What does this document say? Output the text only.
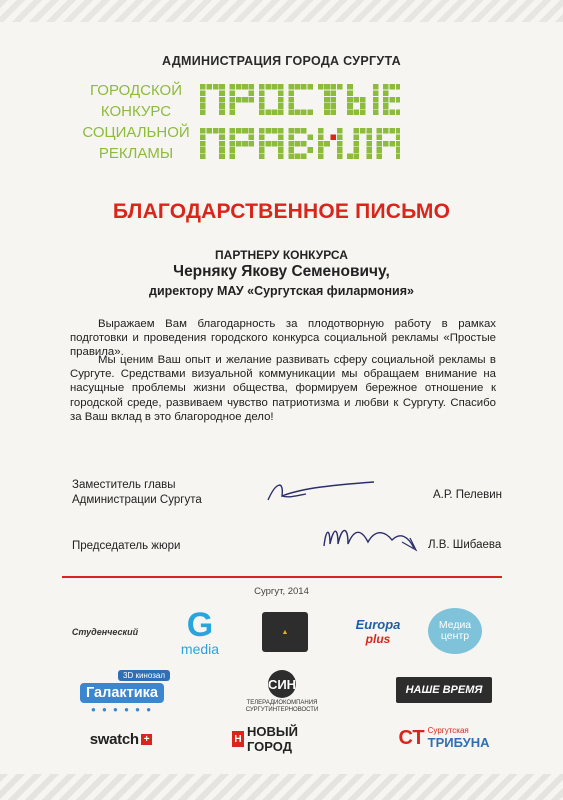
АДМИНИСТРАЦИЯ ГОРОДА СУРГУТА
ГОРОДСКОЙ
КОНКУРС
СОЦИАЛЬНОЙ
РЕКЛАМЫ
БЛАГОДАРСТВЕННОЕ ПИСЬМО
ПАРТНЕРУ КОНКУРСА
Черняку Якову Семеновичу,
директору МАУ «Сургутская филармония»
Выражаем Вам благодарность за плодотворную работу в рамках подготовки и проведения городского конкурса социальной рекламы «Простые правила».
Мы ценим Ваш опыт и желание развивать сферу социальной рекламы в Сургуте. Средствами визуальной коммуникации мы обращаем внимание на насущные проблемы жизни общества, формируем бережное отношение к городской среде, развиваем чувство патриотизма и любви к Сургуту. Спасибо за Ваш вклад в это благородное дело!
Заместитель главы
Администрации Сургута	А.Р. Пелевин
Председатель жюри	Л.В. Шибаева
Сургут, 2014
Студенческий G
media
▲
Europa
plus
Медиа
центр
3D кинозал
Галактика
● ● ● ● ● ●
СИН
ТЕЛЕРАДИОКОМПАНИЯ СУРГУТИНТЕРНОВОСТИ
НАШЕ ВРЕМЯ
swatch +	Н НОВЫЙ ГОРОД	СТ Сургутская
ТРИБУНА
